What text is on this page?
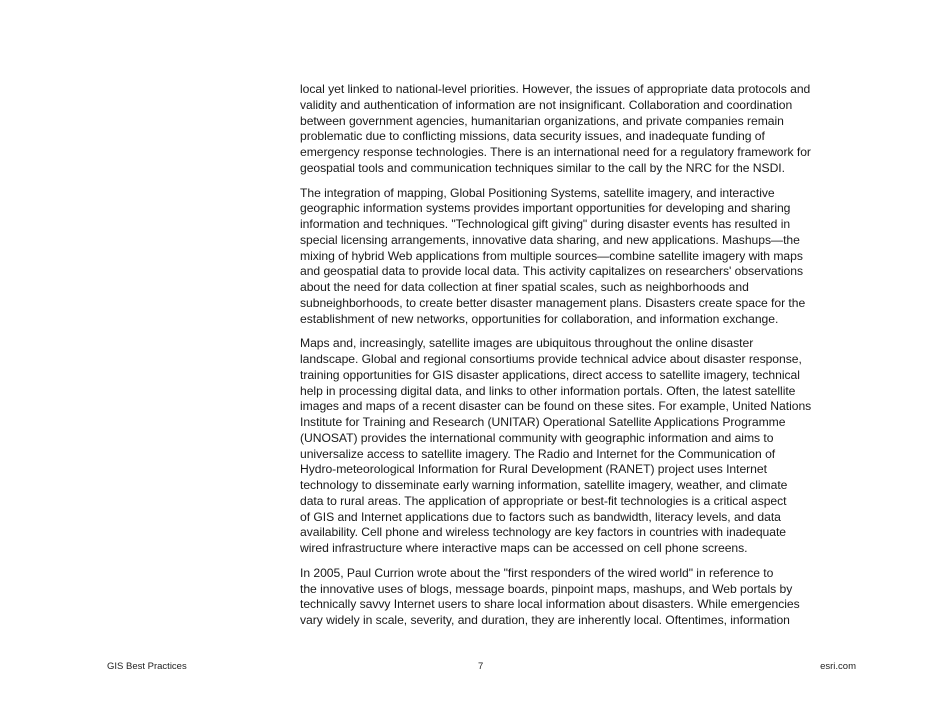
local yet linked to national-level priorities. However, the issues of appropriate data protocols and
validity and authentication of information are not insignificant. Collaboration and coordination
between government agencies, humanitarian organizations, and private companies remain
problematic due to conflicting missions, data security issues, and inadequate funding of
emergency response technologies. There is an international need for a regulatory framework for
geospatial tools and communication techniques similar to the call by the NRC for the NSDI.
The integration of mapping, Global Positioning Systems, satellite imagery, and interactive
geographic information systems provides important opportunities for developing and sharing
information and techniques. "Technological gift giving" during disaster events has resulted in
special licensing arrangements, innovative data sharing, and new applications. Mashups—the
mixing of hybrid Web applications from multiple sources—combine satellite imagery with maps
and geospatial data to provide local data. This activity capitalizes on researchers' observations
about the need for data collection at finer spatial scales, such as neighborhoods and
subneighborhoods, to create better disaster management plans. Disasters create space for the
establishment of new networks, opportunities for collaboration, and information exchange.
Maps and, increasingly, satellite images are ubiquitous throughout the online disaster
landscape. Global and regional consortiums provide technical advice about disaster response,
training opportunities for GIS disaster applications, direct access to satellite imagery, technical
help in processing digital data, and links to other information portals. Often, the latest satellite
images and maps of a recent disaster can be found on these sites. For example, United Nations
Institute for Training and Research (UNITAR) Operational Satellite Applications Programme
(UNOSAT) provides the international community with geographic information and aims to
universalize access to satellite imagery. The Radio and Internet for the Communication of
Hydro-meteorological Information for Rural Development (RANET) project uses Internet
technology to disseminate early warning information, satellite imagery, weather, and climate
data to rural areas. The application of appropriate or best-fit technologies is a critical aspect
of GIS and Internet applications due to factors such as bandwidth, literacy levels, and data
availability. Cell phone and wireless technology are key factors in countries with inadequate
wired infrastructure where interactive maps can be accessed on cell phone screens.
In 2005, Paul Currion wrote about the "first responders of the wired world" in reference to
the innovative uses of blogs, message boards, pinpoint maps, mashups, and Web portals by
technically savvy Internet users to share local information about disasters. While emergencies
vary widely in scale, severity, and duration, they are inherently local. Oftentimes, information
GIS Best Practices	7	esri.com
